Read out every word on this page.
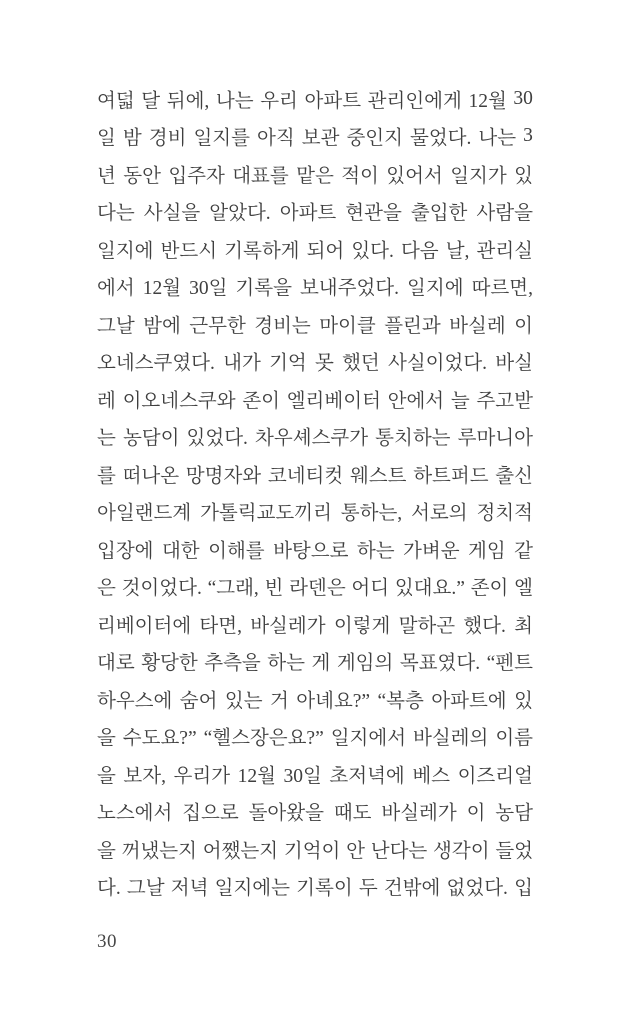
여덟 달 뒤에, 나는 우리 아파트 관리인에게 12월 30
일 밤 경비 일지를 아직 보관 중인지 물었다. 나는 3
년 동안 입주자 대표를 맡은 적이 있어서 일지가 있
다는 사실을 알았다. 아파트 현관을 출입한 사람을
일지에 반드시 기록하게 되어 있다. 다음 날, 관리실
에서 12월 30일 기록을 보내주었다. 일지에 따르면,
그날 밤에 근무한 경비는 마이클 플린과 바실레 이
오네스쿠였다. 내가 기억 못 했던 사실이었다. 바실
레 이오네스쿠와 존이 엘리베이터 안에서 늘 주고받
는 농담이 있었다. 차우셰스쿠가 통치하는 루마니아
를 떠나온 망명자와 코네티컷 웨스트 하트퍼드 출신
아일랜드계 가톨릭교도끼리 통하는, 서로의 정치적
입장에 대한 이해를 바탕으로 하는 가벼운 게임 같
은 것이었다. “그래, 빈 라덴은 어디 있대요.” 존이 엘
리베이터에 타면, 바실레가 이렇게 말하곤 했다. 최
대로 황당한 추측을 하는 게 게임의 목표였다. “펜트
하우스에 숨어 있는 거 아녜요?” “복층 아파트에 있
을 수도요?” “헬스장은요?” 일지에서 바실레의 이름
을 보자, 우리가 12월 30일 초저녁에 베스 이즈리얼
노스에서 집으로 돌아왔을 때도 바실레가 이 농담
을 꺼냈는지 어쨌는지 기억이 안 난다는 생각이 들었
다. 그날 저녁 일지에는 기록이 두 건밖에 없었다. 입
30
